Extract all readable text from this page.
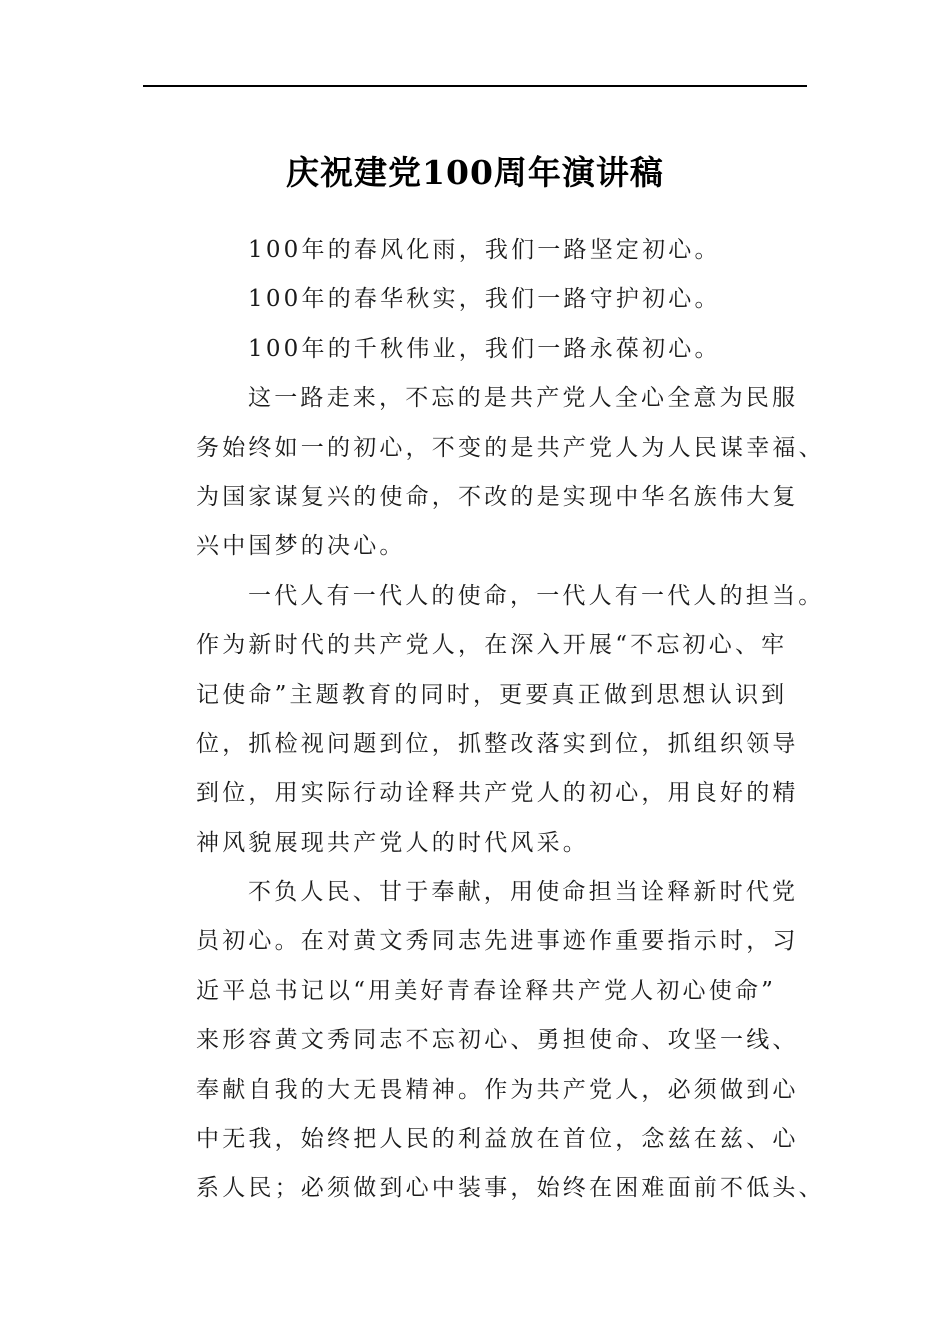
庆祝建党100周年演讲稿
100年的春风化雨，我们一路坚定初心。
100年的春华秋实，我们一路守护初心。
100年的千秋伟业，我们一路永葆初心。
这一路走来，不忘的是共产党人全心全意为民服
务始终如一的初心，不变的是共产党人为人民谋幸福、
为国家谋复兴的使命，不改的是实现中华名族伟大复
兴中国梦的决心。
一代人有一代人的使命，一代人有一代人的担当。
作为新时代的共产党人，在深入开展“不忘初心、牢
记使命”主题教育的同时，更要真正做到思想认识到
位，抓检视问题到位，抓整改落实到位，抓组织领导
到位，用实际行动诠释共产党人的初心，用良好的精
神风貌展现共产党人的时代风采。
不负人民、甘于奉献，用使命担当诠释新时代党
员初心。在对黄文秀同志先进事迹作重要指示时，习
近平总书记以“用美好青春诠释共产党人初心使命”
来形容黄文秀同志不忘初心、勇担使命、攻坚一线、
奉献自我的大无畏精神。作为共产党人，必须做到心
中无我，始终把人民的利益放在首位，念兹在兹、心
系人民；必须做到心中装事，始终在困难面前不低头、
